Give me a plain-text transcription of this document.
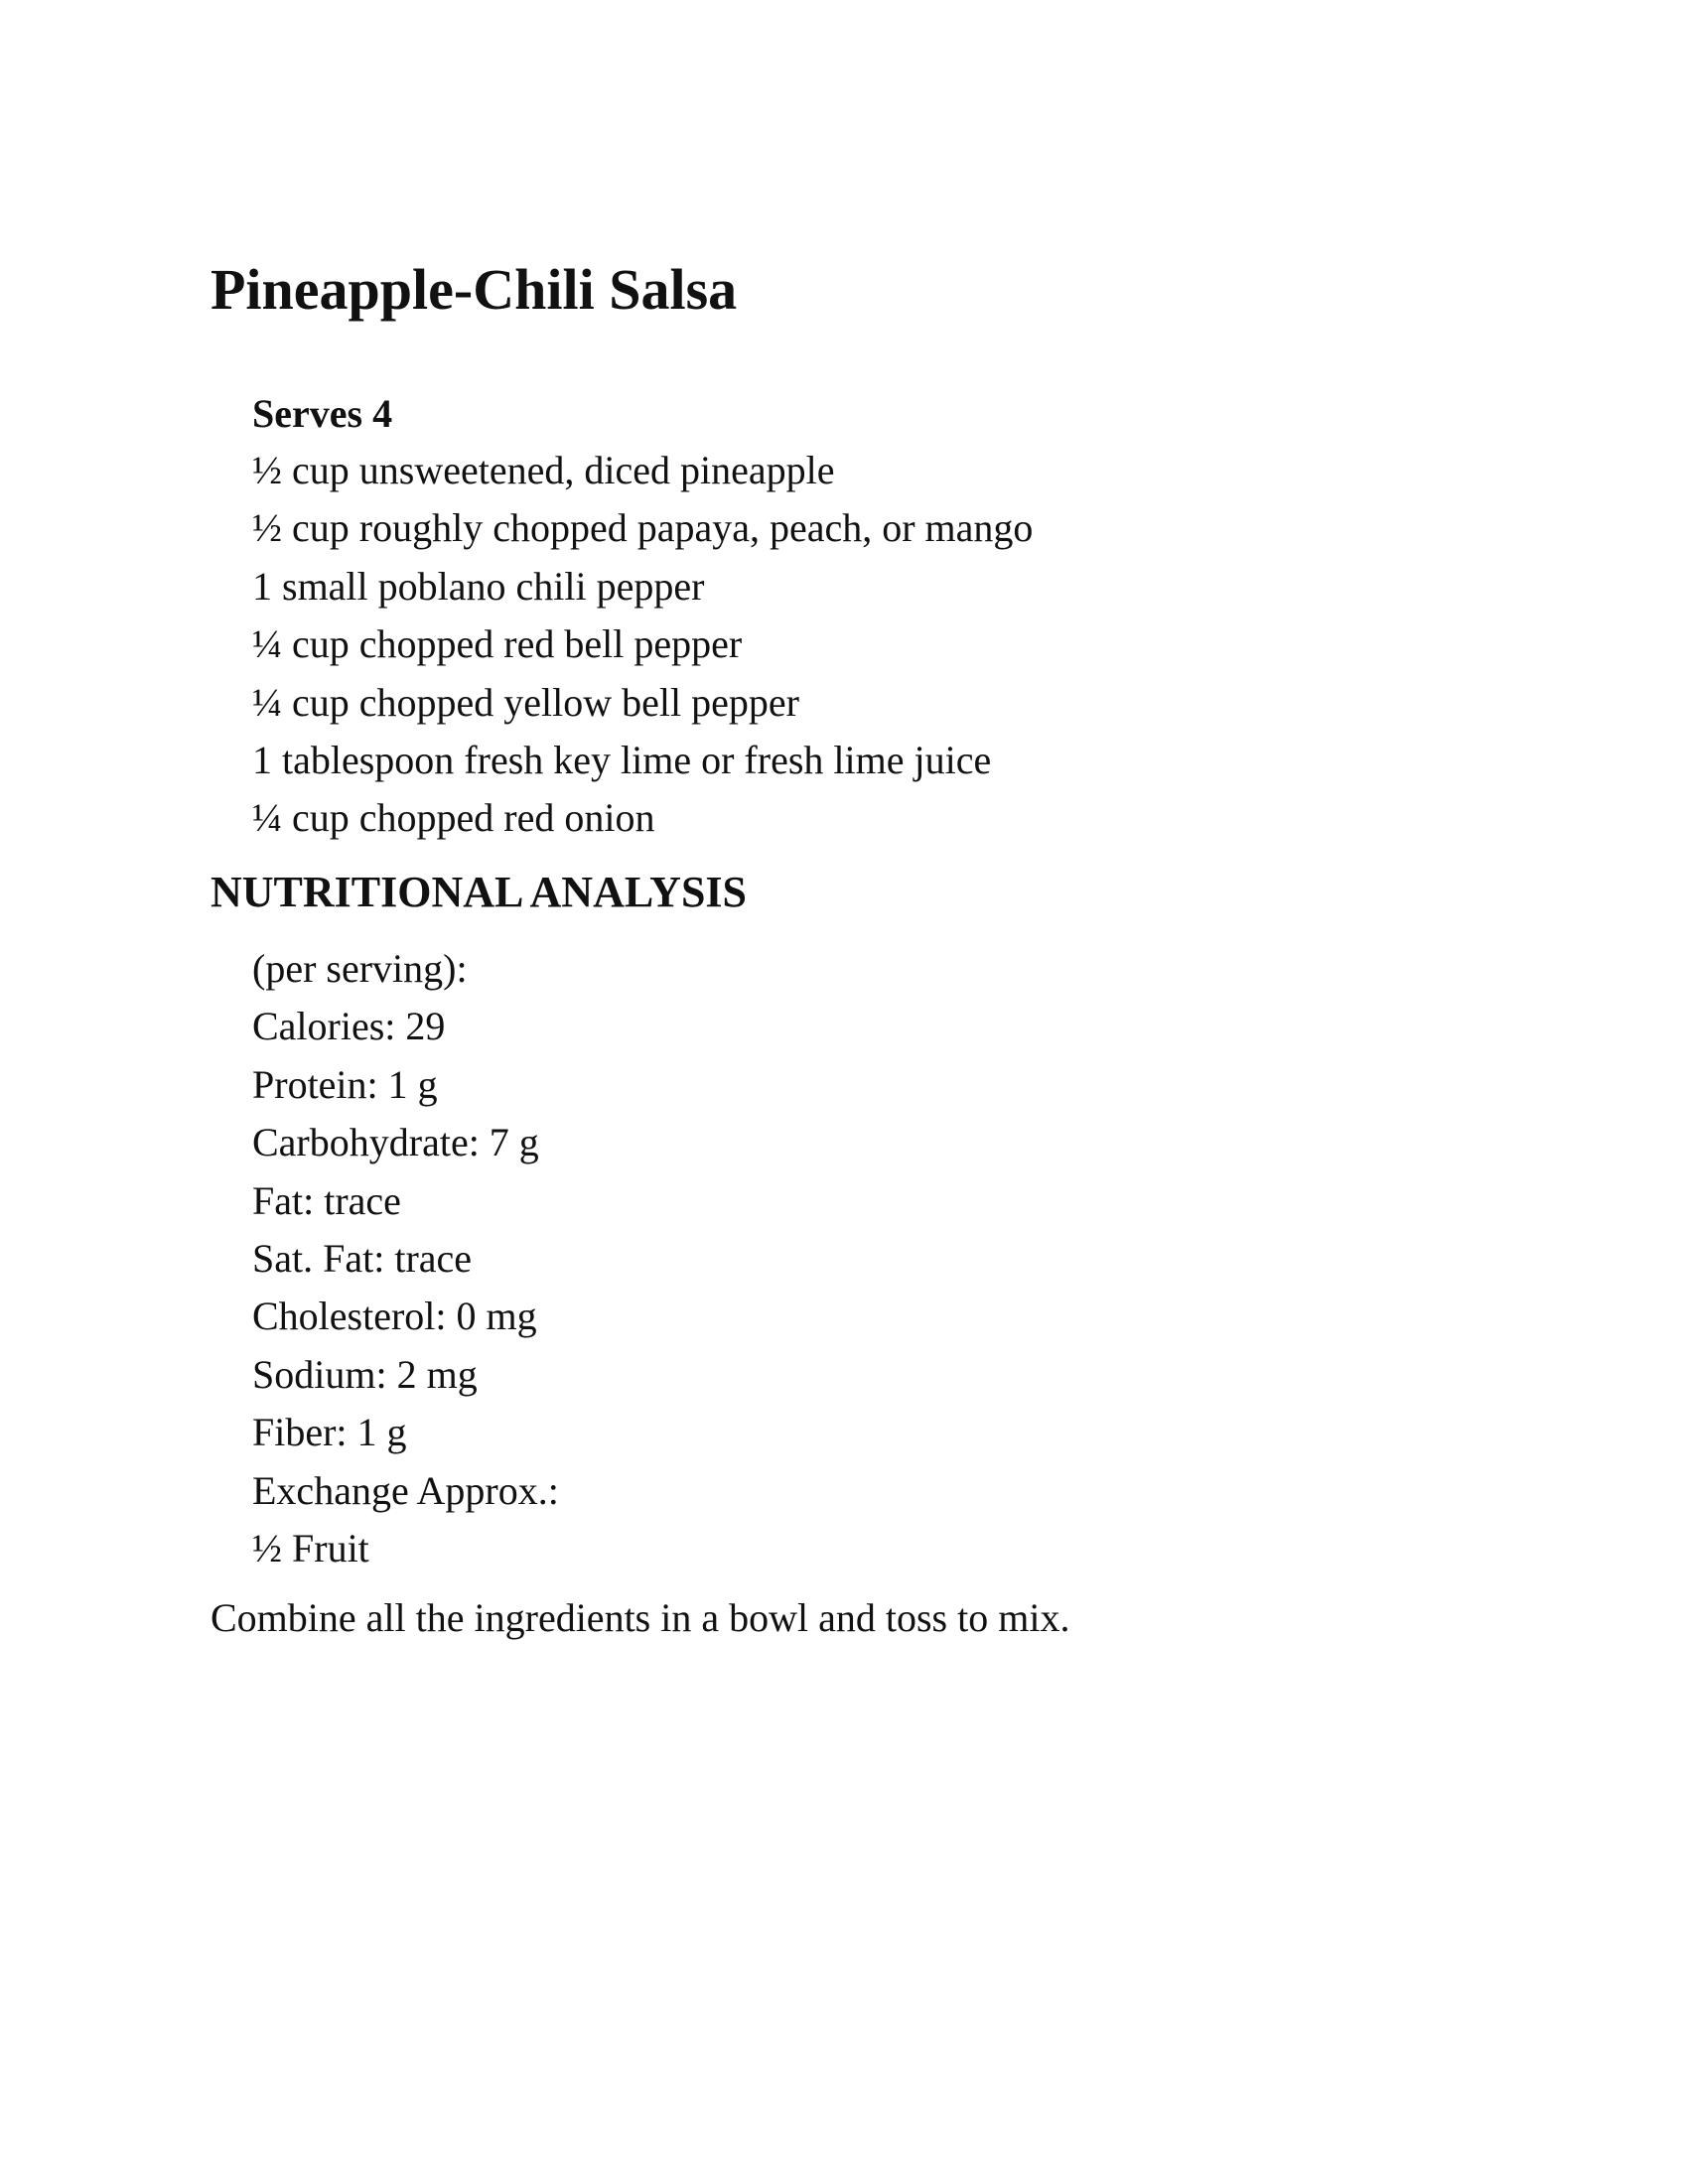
Pineapple-Chili Salsa
Serves 4
½ cup unsweetened, diced pineapple
½ cup roughly chopped papaya, peach, or mango
1 small poblano chili pepper
¼ cup chopped red bell pepper
¼ cup chopped yellow bell pepper
1 tablespoon fresh key lime or fresh lime juice
¼ cup chopped red onion
NUTRITIONAL ANALYSIS
(per serving):
Calories: 29
Protein: 1 g
Carbohydrate: 7 g
Fat: trace
Sat. Fat: trace
Cholesterol: 0 mg
Sodium: 2 mg
Fiber: 1 g
Exchange Approx.:
½ Fruit

Combine all the ingredients in a bowl and toss to mix.
